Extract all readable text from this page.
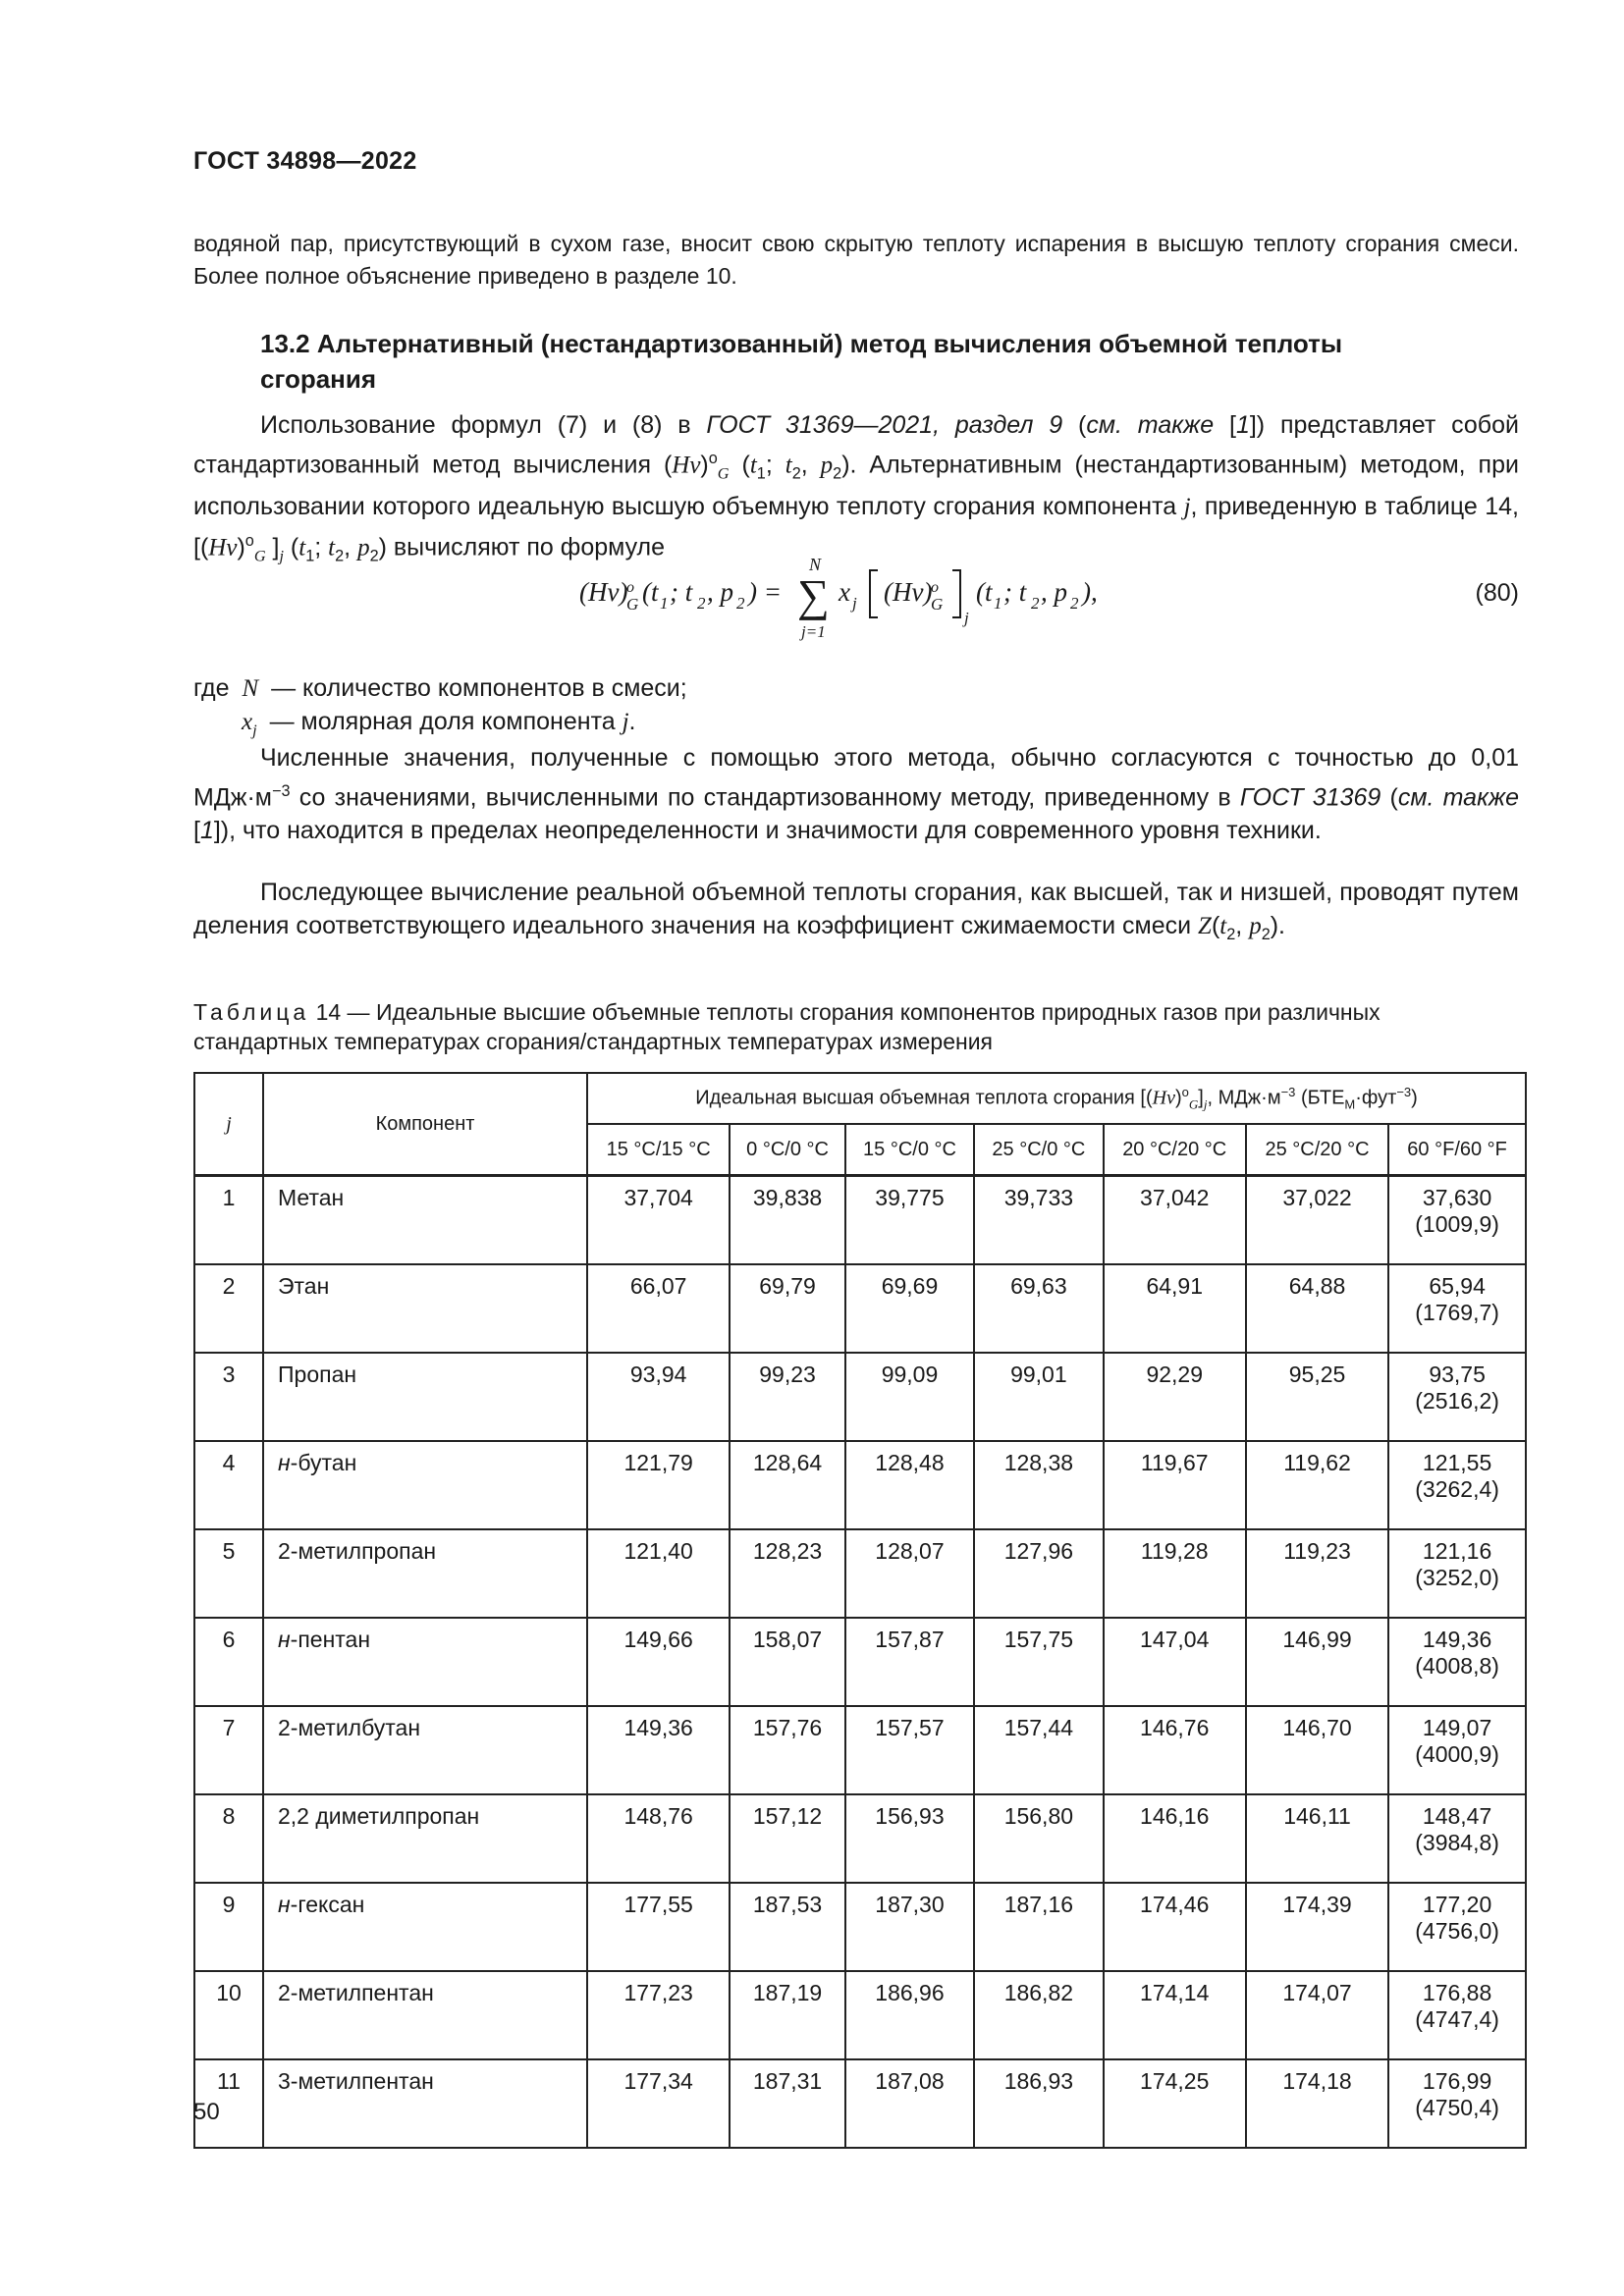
ГОСТ 34898—2022
водяной пар, присутствующий в сухом газе, вносит свою скрытую теплоту испарения в высшую теплоту сгорания смеси. Более полное объяснение приведено в разделе 10.
13.2 Альтернативный (нестандартизованный) метод вычисления объемной теплоты
сгорания
Использование формул (7) и (8) в ГОСТ 31369—2021, раздел 9 (см. также [1]) представляет собой стандартизованный метод вычисления $(Hv)^o_G$ ($t_1$; $t_2$, $p_2$). Альтернативным (нестандартизованным) методом, при использовании которого идеальную высшую объемную теплоту сгорания компонента j, приведенную в таблице 14, [$(Hv)^o_G$ ]$_j$ ($t_1$; $t_2$, $p_2$) вычисляют по формуле
(Hv)
o
G (t 1 ; t 2 , p 2 ) =
N
∑
j=1
x j (Hv)
o
G
j
(t 1 ; t 2 , p 2 ),	(80)
где N — количество компонентов в смеси;
$x_j$ — молярная доля компонента j.
Численные значения, полученные с помощью этого метода, обычно согласуются с точностью до 0,01 $МДж\cdot м^{-3}$ со значениями, вычисленными по стандартизованному методу, приведенному в ГОСТ 31369 (см. также [1]), что находится в пределах неопределенности и значимости для современного уровня техники.
Последующее вычисление реальной объемной теплоты сгорания, как высшей, так и низшей, проводят путем деления соответствующего идеального значения на коэффициент сжимаемости смеси $Z(t_2$, $p_2$).
Таблица 14 — Идеальные высшие объемные теплоты сгорания компонентов природных газов при различных стандартных температурах сгорания/стандартных температурах измерения
j	Компонент	Идеальная высшая объемная теплота сгорания $[(Hv)^o_G]_j$, $МДж\cdot м^{-3}$ $(БТЕ_M\cdot фут^{-3})$						
		15 °C/15 °C	0 °C/0 °C	15 °C/0 °C	25 °C/0 °C	20 °C/20 °C	25 °C/20 °C	60 °F/60 °F
1	Метан	37,704	39,838	39,775	39,733	37,042	37,022	37,630
(1009,9)

2	Этан	66,07	69,79	69,69	69,63	64,91	64,88	65,94
(1769,7)

3	Пропан	93,94	99,23	99,09	99,01	92,29	95,25	93,75
(2516,2)

4	н-бутан	121,79	128,64	128,48	128,38	119,67	119,62	121,55
(3262,4)

5	2-метилпропан	121,40	128,23	128,07	127,96	119,28	119,23	121,16
(3252,0)

6	н-пентан	149,66	158,07	157,87	157,75	147,04	146,99	149,36
(4008,8)

7	2-метилбутан	149,36	157,76	157,57	157,44	146,76	146,70	149,07
(4000,9)

8	2,2 диметилпропан	148,76	157,12	156,93	156,80	146,16	146,11	148,47
(3984,8)

9	н-гексан	177,55	187,53	187,30	187,16	174,46	174,39	177,20
(4756,0)

10	2-метилпентан	177,23	187,19	186,96	186,82	174,14	174,07	176,88
(4747,4)

11	3-метилпентан	177,34	187,31	187,08	186,93	174,25	174,18	176,99
(4750,4)
50
